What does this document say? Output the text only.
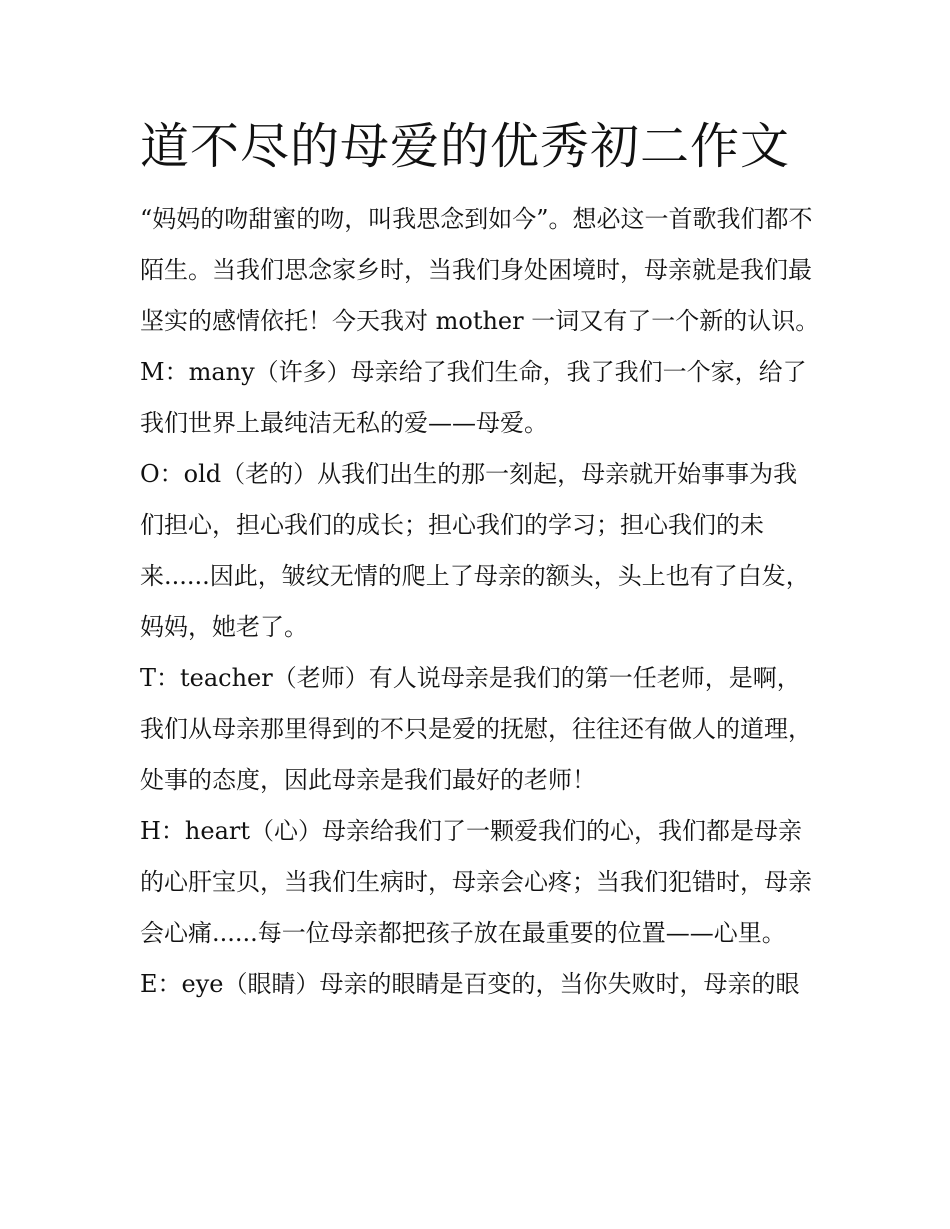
道不尽的母爱的优秀初二作文

“妈妈的吻甜蜜的吻，叫我思念到如今”。想必这一首歌我们都不陌生。当我们思念家乡时，当我们身处困境时，母亲就是我们最坚实的感情依托！今天我对 mother 一词又有了一个新的认识。

M：many（许多）母亲给了我们生命，我了我们一个家，给了我们世界上最纯洁无私的爱——母爱。

O：old（老的）从我们出生的那一刻起，母亲就开始事事为我们担心，担心我们的成长；担心我们的学习；担心我们的未来......因此，皱纹无情的爬上了母亲的额头，头上也有了白发，妈妈，她老了。

T：teacher（老师）有人说母亲是我们的第一任老师，是啊，我们从母亲那里得到的不只是爱的抚慰，往往还有做人的道理，处事的态度，因此母亲是我们最好的老师！

H：heart（心）母亲给我们了一颗爱我们的心，我们都是母亲的心肝宝贝，当我们生病时，母亲会心疼；当我们犯错时，母亲会心痛......每一位母亲都把孩子放在最重要的位置——心里。

E：eye（眼睛）母亲的眼睛是百变的，当你失败时，母亲的眼
